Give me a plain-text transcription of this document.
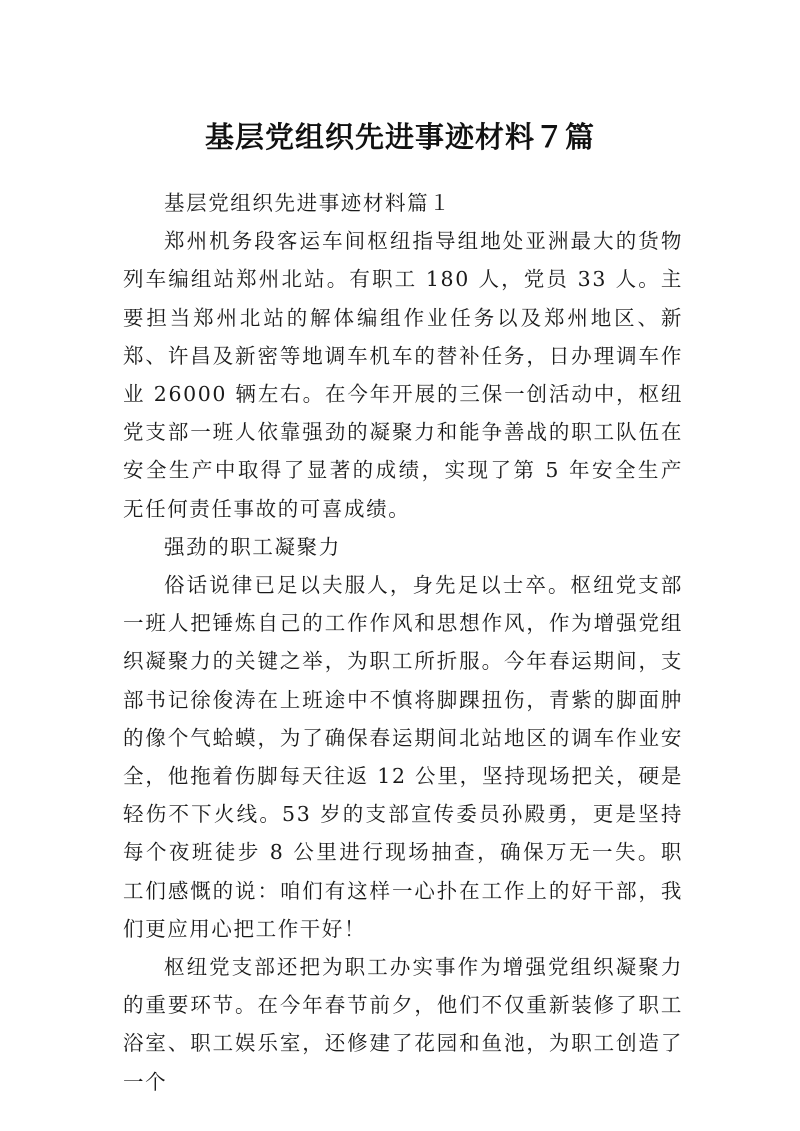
基层党组织先进事迹材料７篇

基层党组织先进事迹材料篇１

郑州机务段客运车间枢纽指导组地处亚洲最大的货物列车编组站郑州北站。有职工 180 人，党员 33 人。主要担当郑州北站的解体编组作业任务以及郑州地区、新郑、许昌及新密等地调车机车的替补任务，日办理调车作业 26000 辆左右。在今年开展的三保一创活动中，枢纽党支部一班人依靠强劲的凝聚力和能争善战的职工队伍在安全生产中取得了显著的成绩，实现了第 5 年安全生产无任何责任事故的可喜成绩。

强劲的职工凝聚力

俗话说律已足以夫服人，身先足以士卒。枢纽党支部一班人把锤炼自己的工作作风和思想作风，作为增强党组织凝聚力的关键之举，为职工所折服。今年春运期间，支部书记徐俊涛在上班途中不慎将脚踝扭伤，青紫的脚面肿的像个气蛤蟆，为了确保春运期间北站地区的调车作业安全，他拖着伤脚每天往返 12 公里，坚持现场把关，硬是轻伤不下火线。53 岁的支部宣传委员孙殿勇，更是坚持每个夜班徒步 8 公里进行现场抽查，确保万无一失。职工们感慨的说：咱们有这样一心扑在工作上的好干部，我们更应用心把工作干好！

枢纽党支部还把为职工办实事作为增强党组织凝聚力的重要环节。在今年春节前夕，他们不仅重新装修了职工浴室、职工娱乐室，还修建了花园和鱼池，为职工创造了一个
